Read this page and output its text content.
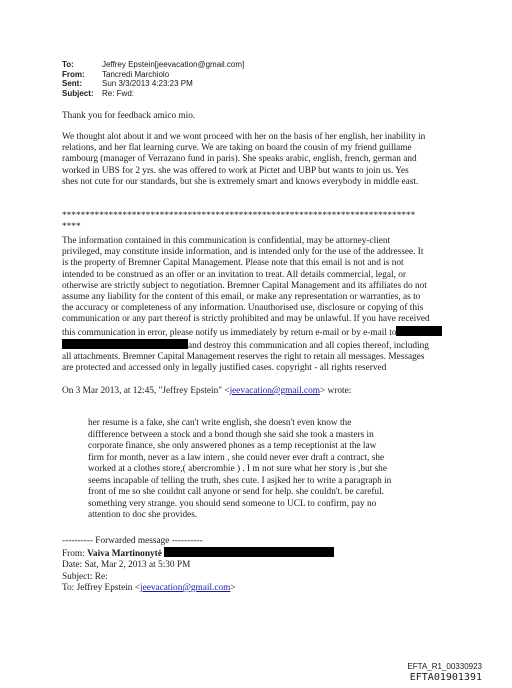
To:	Jeffrey Epstein[jeevacation@gmail.com]
From:	Tancredi Marchiolo
Sent:	Sun 3/3/2013 4:23:23 PM
Subject:	Re: Fwd:
Thank you for feedback amico mio.
We thought alot about it and we wont proceed with her on the basis of her english, her inability in
relations, and her flat learning curve. We are taking on board the cousin of my friend guillame
rambourg (manager of Verrazano fund in paris). She speaks arabic, english, french, german and
worked in UBS for 2 yrs. she was offered to work at Pictet and UBP but wants to join us. Yes
shes not cute for our standards, but she is extremely smart and knows everybody in middle east.
****************************************************************************
****
The information contained in this communication is confidential, may be attorney-client
privileged, may constitute inside information, and is intended only for the use of the addressee. It
is the property of Bremner Capital Management. Please note that this email is not and is not
intended to be construed as an offer or an invitation to treat. All details commercial, legal, or
otherwise are strictly subject to negotiation. Bremner Capital Management and its affiliates do not
assume any liability for the content of this email, or make any representation or warranties, as to
the accuracy or completeness of any information. Unauthorised use, disclosure or copying of this
communication or any part thereof is strictly prohibited and may be unlawful. If you have received
this communication in error, please notify us immediately by return e-mail or by e-mail to
and destroy this communication and all copies thereof, including
all attachments. Bremner Capital Management reserves the right to retain all messages. Messages
are protected and accessed only in legally justified cases. copyright - all rights reserved
On 3 Mar 2013, at 12:45, "Jeffrey Epstein" <jeevacation@gmail.com> wrote:
her resume is a fake, she can't write english, she doesn't even know the
diffference between a stock and a bond though she said she took a masters in
corporate finance, she only answered phones as a temp receptionist at the law
firm for month, never as a law intern , she could never ever draft a contract, she
worked at a clothes store,( abercrombie ) . I m not sure what her story is ,but she
seems incapable of telling the truth, shes cute. I asjked her to write a paragraph in
front of me so she couldnt call anyone or send for help. she couldn't. be careful.
something very strange. you should send someone to UCL to confirm, pay no
attention to doc she provides.
---------- Forwarded message ----------
From: Vaiva Martinonytė
Date: Sat, Mar 2, 2013 at 5:30 PM
Subject: Re:
To: Jeffrey Epstein <jeevacation@gmail.com>
EFTA_R1_00330923
EFTA01901391
